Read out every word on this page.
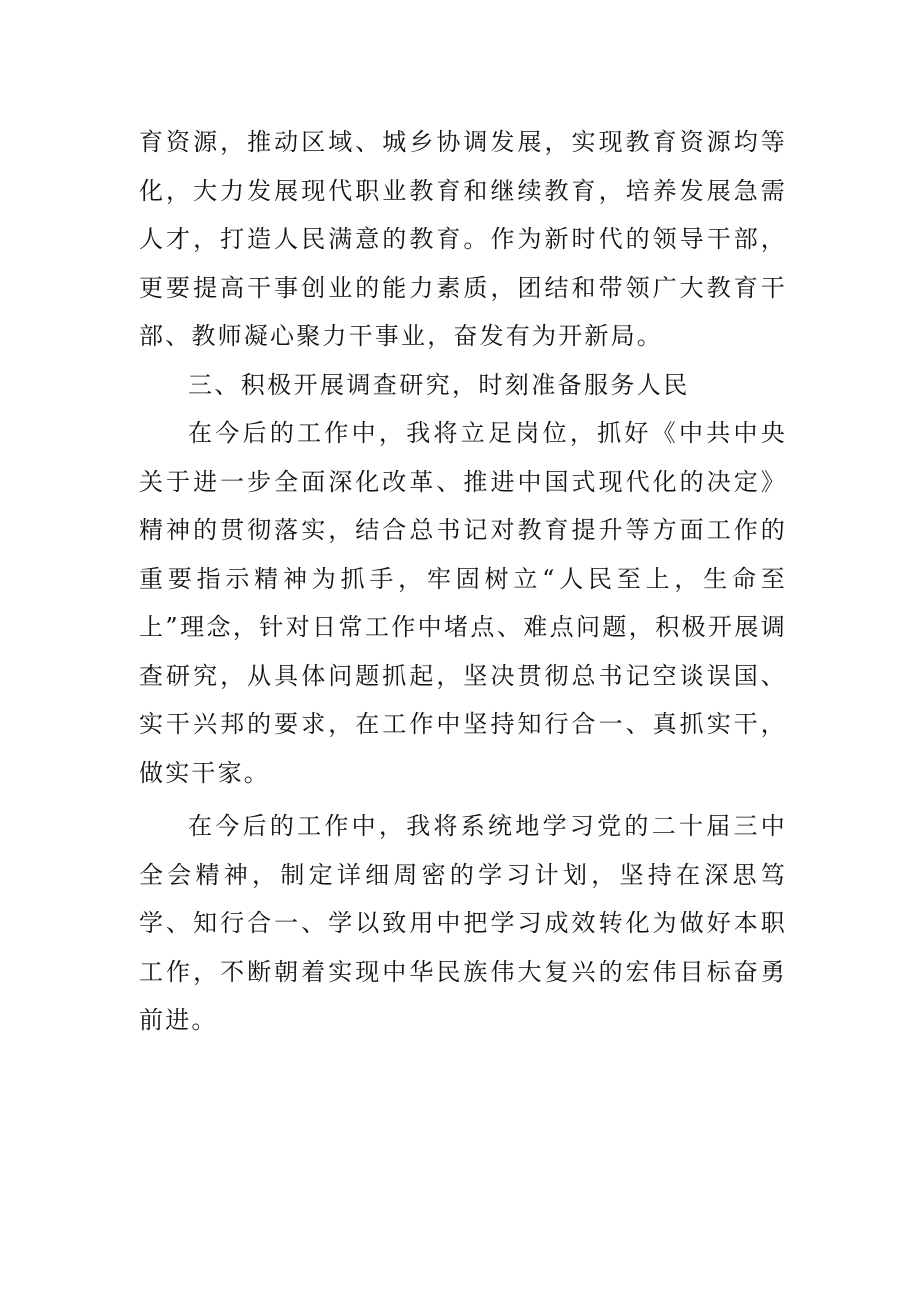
育资源，推动区域、城乡协调发展，实现教育资源均等化，大力发展现代职业教育和继续教育，培养发展急需人才，打造人民满意的教育。作为新时代的领导干部，更要提高干事创业的能力素质，团结和带领广大教育干部、教师凝心聚力干事业，奋发有为开新局。

三、积极开展调查研究，时刻准备服务人民

在今后的工作中，我将立足岗位，抓好《中共中央关于进一步全面深化改革、推进中国式现代化的决定》精神的贯彻落实，结合总书记对教育提升等方面工作的重要指示精神为抓手，牢固树立“人民至上，生命至上”理念，针对日常工作中堵点、难点问题，积极开展调查研究，从具体问题抓起，坚决贯彻总书记空谈误国、实干兴邦的要求，在工作中坚持知行合一、真抓实干，做实干家。

在今后的工作中，我将系统地学习党的二十届三中全会精神，制定详细周密的学习计划，坚持在深思笃学、知行合一、学以致用中把学习成效转化为做好本职工作，不断朝着实现中华民族伟大复兴的宏伟目标奋勇前进。
